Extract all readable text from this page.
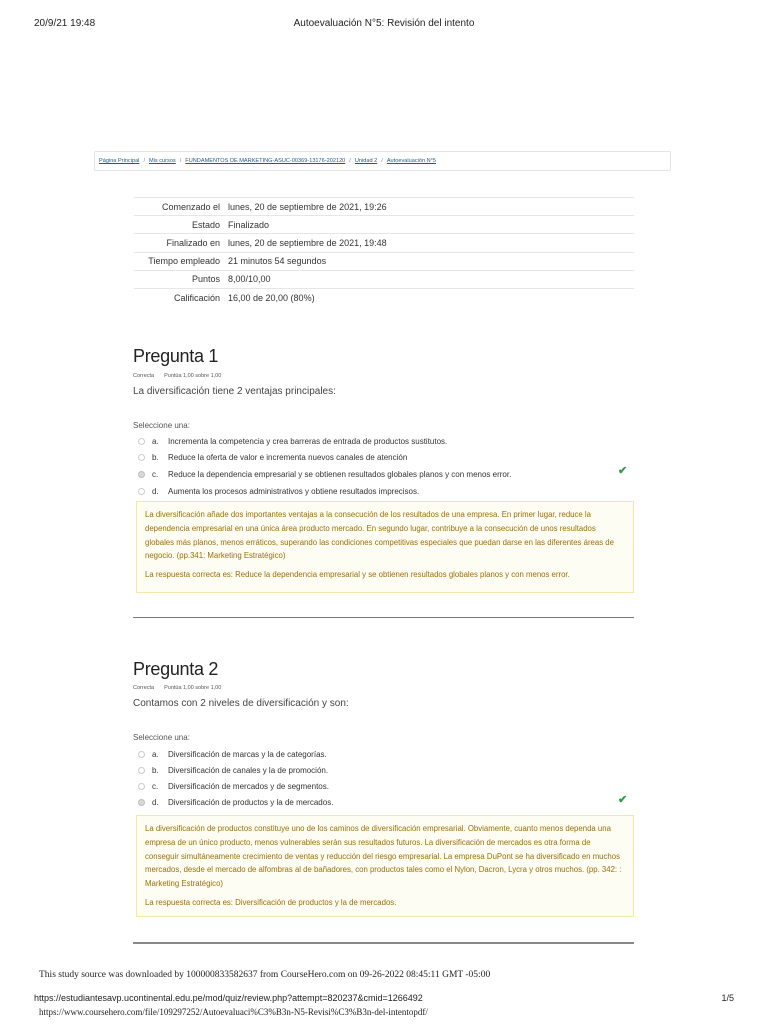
20/9/21 19:48	Autoevaluación N°5: Revisión del intento
Página Principal / Mis cursos / FUNDAMENTOS DE MARKETING-ASUC-00369-13176-202120 / Unidad 2 / Autoevaluación N°5
Comenzado el	lunes, 20 de septiembre de 2021, 19:26
Estado	Finalizado
Finalizado en	lunes, 20 de septiembre de 2021, 19:48
Tiempo empleado	21 minutos 54 segundos
Puntos	8,00/10,00
Calificación	16,00 de 20,00 (80%)
Pregunta 1
Correcta Puntúa 1,00 sobre 1,00
La diversificación tiene 2 ventajas principales:
Seleccione una:
a.	Incrementa la competencia y crea barreras de entrada de productos sustitutos.
b.	Reduce la oferta de valor e incrementa nuevos canales de atención
c.	Reduce la dependencia empresarial y se obtienen resultados globales planos y con menos error.	✔
d.	Aumenta los procesos administrativos y obtiene resultados imprecisos.

La diversificación añade dos importantes ventajas a la consecución de los resultados de una empresa. En primer lugar, reduce la dependencia empresarial en una única área producto mercado. En segundo lugar, contribuye a la consecución de unos resultados globales más planos, menos erráticos, superando las condiciones competitivas especiales que puedan darse en las diferentes áreas de negocio. (pp.341: Marketing Estratégico)

La respuesta correcta es: Reduce la dependencia empresarial y se obtienen resultados globales planos y con menos error.

Pregunta 2
Correcta Puntúa 1,00 sobre 1,00
Contamos con 2 niveles de diversificación y son:
Seleccione una:
a.	Diversificación de marcas y la de categorías.
b.	Diversificación de canales y la de promoción.
c.	Diversificación de mercados y de segmentos.
d.	Diversificación de productos y la de mercados.	✔

La diversificación de productos constituye uno de los caminos de diversificación empresarial. Obviamente, cuanto menos dependa una empresa de un único producto, menos vulnerables serán sus resultados futuros. La diversificación de mercados es otra forma de conseguir simultáneamente crecimiento de ventas y reducción del riesgo empresarial. La empresa DuPont se ha diversificado en muchos mercados, desde el mercado de alfombras al de bañadores, con productos tales como el Nylon, Dacron, Lycra y otros muchos. (pp. 342: : Marketing Estratégico)

La respuesta correcta es: Diversificación de productos y la de mercados.

This study source was downloaded by 100000833582637 from CourseHero.com on 09-26-2022 08:45:11 GMT -05:00
https://estudiantesavp.ucontinental.edu.pe/mod/quiz/review.php?attempt=820237&cmid=1266492	1/5
https://www.coursehero.com/file/109297252/Autoevaluaci%C3%B3n-N5-Revisi%C3%B3n-del-intentopdf/
